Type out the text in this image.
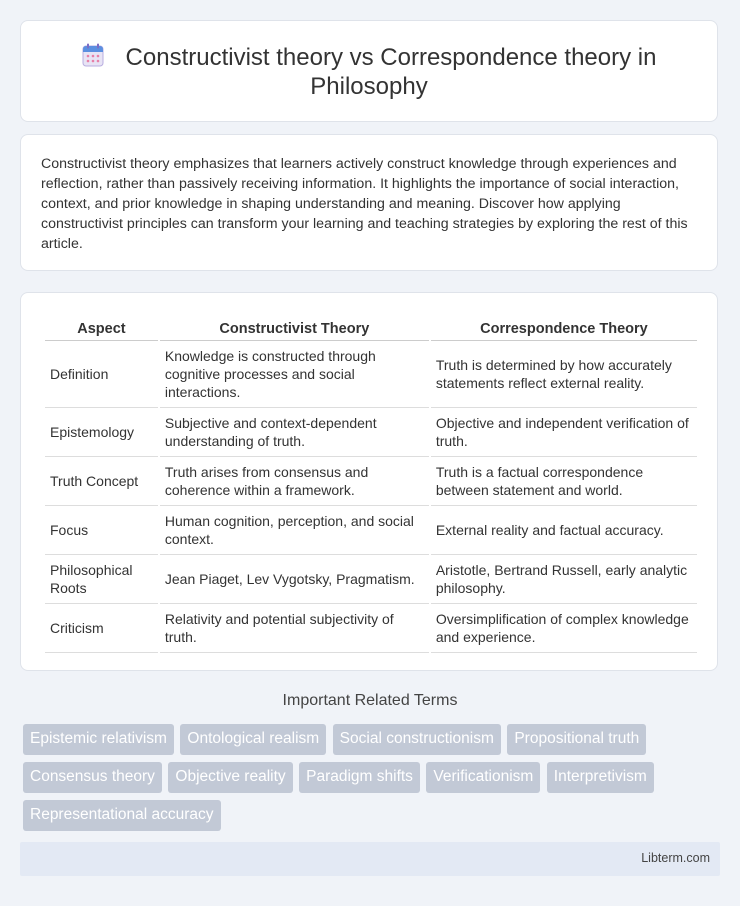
Constructivist theory vs Correspondence theory in Philosophy

Constructivist theory emphasizes that learners actively construct knowledge through experiences and reflection, rather than passively receiving information. It highlights the importance of social interaction, context, and prior knowledge in shaping understanding and meaning. Discover how applying constructivist principles can transform your learning and teaching strategies by exploring the rest of this article.

Aspect	Constructivist Theory	Correspondence Theory
Definition	Knowledge is constructed through cognitive processes and social interactions.	Truth is determined by how accurately statements reflect external reality.
Epistemology	Subjective and context-dependent understanding of truth.	Objective and independent verification of truth.
Truth Concept	Truth arises from consensus and coherence within a framework.	Truth is a factual correspondence between statement and world.
Focus	Human cognition, perception, and social context.	External reality and factual accuracy.
Philosophical Roots	Jean Piaget, Lev Vygotsky, Pragmatism.	Aristotle, Bertrand Russell, early analytic philosophy.
Criticism	Relativity and potential subjectivity of truth.	Oversimplification of complex knowledge and experience.
Important Related Terms
Epistemic relativism Ontological realism Social constructionism Propositional truth Consensus theory Objective reality Paradigm shifts Verificationism Interpretivism Representational accuracy
Libterm.com
